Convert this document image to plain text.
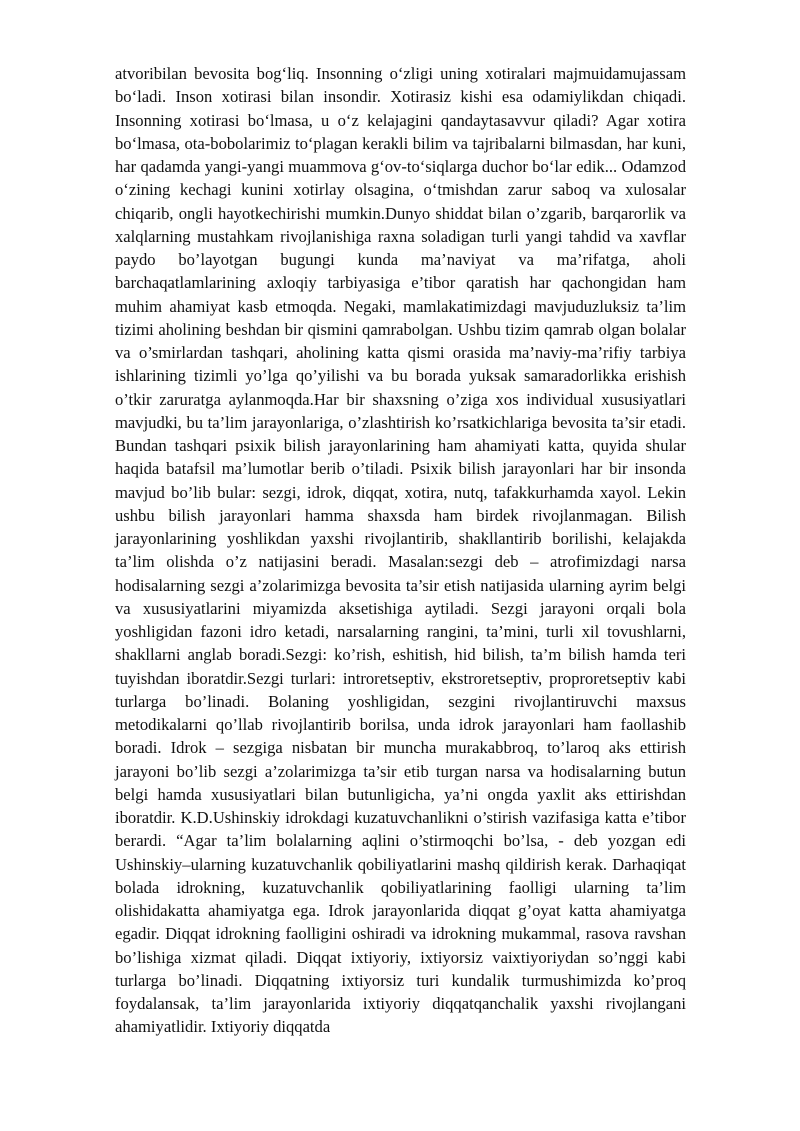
atvoribilan bevosita bog‘liq. Insonning o‘zligi uning xotiralari majmuidamujassam bo‘ladi. Inson xotirasi bilan insondir. Xotirasiz kishi esa odamiylikdan chiqadi. Insonning xotirasi bo‘lmasa, u o‘z kelajagini qandaytasavvur qiladi? Agar xotira bo‘lmasa, ota-bobolarimiz to‘plagan kerakli bilim va tajribalarni bilmasdan, har kuni, har qadamda yangi-yangi muammova g‘ov-to‘siqlarga duchor bo‘lar edik... Odamzod o‘zining kechagi kunini xotirlay olsagina, o‘tmishdan zarur saboq va xulosalar chiqarib, ongli hayotkechirishi mumkin.Dunyo shiddat bilan o’zgarib, barqarorlik va xalqlarning mustahkam rivojlanishiga raxna soladigan turli yangi tahdid va xavflar paydo bo’layotgan bugungi kunda ma’naviyat va ma’rifatga, aholi barchaqatlamlarining axloqiy tarbiyasiga e’tibor qaratish har qachongidan ham muhim ahamiyat kasb etmoqda. Negaki, mamlakatimizdagi mavjuduzluksiz ta’lim tizimi aholining beshdan bir qismini qamrabolgan. Ushbu tizim qamrab olgan bolalar va o’smirlardan tashqari, aholining katta qismi orasida ma’naviy-ma’rifiy tarbiya ishlarining tizimli yo’lga qo’yilishi va bu borada yuksak samaradorlikka erishish o’tkir zaruratga aylanmoqda.Har bir shaxsning o’ziga xos individual xususiyatlari mavjudki, bu ta’lim jarayonlariga, o’zlashtirish ko’rsatkichlariga bevosita ta’sir etadi. Bundan tashqari psixik bilish jarayonlarining ham ahamiyati katta, quyida shular haqida batafsil ma’lumotlar berib o’tiladi. Psixik bilish jarayonlari har bir insonda mavjud bo’lib bular: sezgi, idrok, diqqat, xotira, nutq, tafakkurhamda xayol. Lekin ushbu bilish jarayonlari hamma shaxsda ham birdek rivojlanmagan. Bilish jarayonlarining yoshlikdan yaxshi rivojlantirib, shakllantirib borilishi, kelajakda ta’lim olishda o’z natijasini beradi. Masalan:sezgi deb – atrofimizdagi narsa hodisalarning sezgi a’zolarimizga bevosita ta’sir etish natijasida ularning ayrim belgi va xususiyatlarini miyamizda aksetishiga aytiladi. Sezgi jarayoni orqali bola yoshligidan fazoni idro ketadi, narsalarning rangini, ta’mini, turli xil tovushlarni, shakllarni anglab boradi.Sezgi: ko’rish, eshitish, hid bilish, ta’m bilish hamda teri tuyishdan iboratdir.Sezgi turlari: introretseptiv, ekstroretseptiv, proproretseptiv kabi turlarga bo’linadi. Bolaning yoshligidan, sezgini rivojlantiruvchi maxsus metodikalarni qo’llab rivojlantirib borilsa, unda idrok jarayonlari ham faollashib boradi. Idrok – sezgiga nisbatan bir muncha murakabbroq, to’laroq aks ettirish jarayoni bo’lib sezgi a’zolarimizga ta’sir etib turgan narsa va hodisalarning butun belgi hamda xususiyatlari bilan butunligicha, ya’ni ongda yaxlit aks ettirishdan iboratdir. K.D.Ushinskiy idrokdagi kuzatuvchanlikni o’stirish vazifasiga katta e’tibor berardi. “Agar ta’lim bolalarning aqlini o’stirmoqchi bo’lsa, - deb yozgan edi Ushinskiy–ularning kuzatuvchanlik qobiliyatlarini mashq qildirish kerak. Darhaqiqat bolada idrokning, kuzatuvchanlik qobiliyatlarining faolligi ularning ta’lim olishidakatta ahamiyatga ega. Idrok jarayonlarida diqqat g’oyat katta ahamiyatga egadir. Diqqat idrokning faolligini oshiradi va idrokning mukammal, rasova ravshan bo’lishiga xizmat qiladi. Diqqat ixtiyoriy, ixtiyorsiz vaixtiyoriydan so’nggi kabi turlarga bo’linadi. Diqqatning ixtiyorsiz turi kundalik turmushimizda ko’proq foydalansak, ta’lim jarayonlarida ixtiyoriy diqqatqanchalik yaxshi rivojlangani ahamiyatlidir. Ixtiyoriy diqqatda
